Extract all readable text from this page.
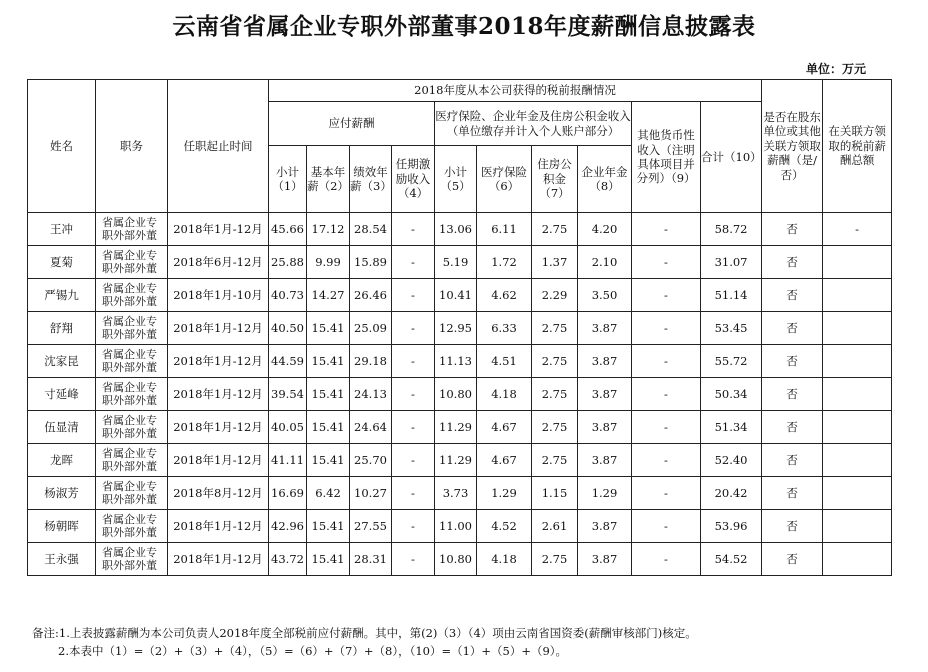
云南省省属企业专职外部董事2018年度薪酬信息披露表
单位：万元
姓名	职务	任职起止时间	2018年度从本公司获得的税前报酬情况										是否在股东单位或其他关联方领取薪酬（是/否）	在关联方领取的税前薪酬总额
			应付薪酬				医疗保险、企业年金及住房公积金收入（单位缴存并计入个人账户部分）				其他货币性收入（注明具体项目并分列）（9）	合计（10）		
			小计（1）	基本年薪（2）	绩效年薪（3）	任期激励收入（4）	小计（5）	医疗保险（6）	住房公积金（7）	企业年金（8）				
王冲	省属企业专职外部外董	2018年1月-12月	45.66	17.12	28.54	-	13.06	6.11	2.75	4.20	-	58.72	否	-
夏菊	省属企业专职外部外董	2018年6月-12月	25.88	9.99	15.89	-	5.19	1.72	1.37	2.10	-	31.07	否	
严锡九	省属企业专职外部外董	2018年1月-10月	40.73	14.27	26.46	-	10.41	4.62	2.29	3.50	-	51.14	否	
舒翔	省属企业专职外部外董	2018年1月-12月	40.50	15.41	25.09	-	12.95	6.33	2.75	3.87	-	53.45	否	
沈家昆	省属企业专职外部外董	2018年1月-12月	44.59	15.41	29.18	-	11.13	4.51	2.75	3.87	-	55.72	否	
寸延峰	省属企业专职外部外董	2018年1月-12月	39.54	15.41	24.13	-	10.80	4.18	2.75	3.87	-	50.34	否	
伍显清	省属企业专职外部外董	2018年1月-12月	40.05	15.41	24.64	-	11.29	4.67	2.75	3.87	-	51.34	否	
龙晖	省属企业专职外部外董	2018年1月-12月	41.11	15.41	25.70	-	11.29	4.67	2.75	3.87	-	52.40	否	
杨淑芳	省属企业专职外部外董	2018年8月-12月	16.69	6.42	10.27	-	3.73	1.29	1.15	1.29	-	20.42	否	
杨朝晖	省属企业专职外部外董	2018年1月-12月	42.96	15.41	27.55	-	11.00	4.52	2.61	3.87	-	53.96	否	
王永强	省属企业专职外部外董	2018年1月-12月	43.72	15.41	28.31	-	10.80	4.18	2.75	3.87	-	54.52	否	
备注:1.上表披露薪酬为本公司负责人2018年度全部税前应付薪酬。其中，第(2)（3）（4）项由云南省国资委(薪酬审核部门)核定。
2.本表中（1）=（2）+（3）+（4），（5）=（6）+（7）+（8），（10）=（1）+（5）+（9）。
